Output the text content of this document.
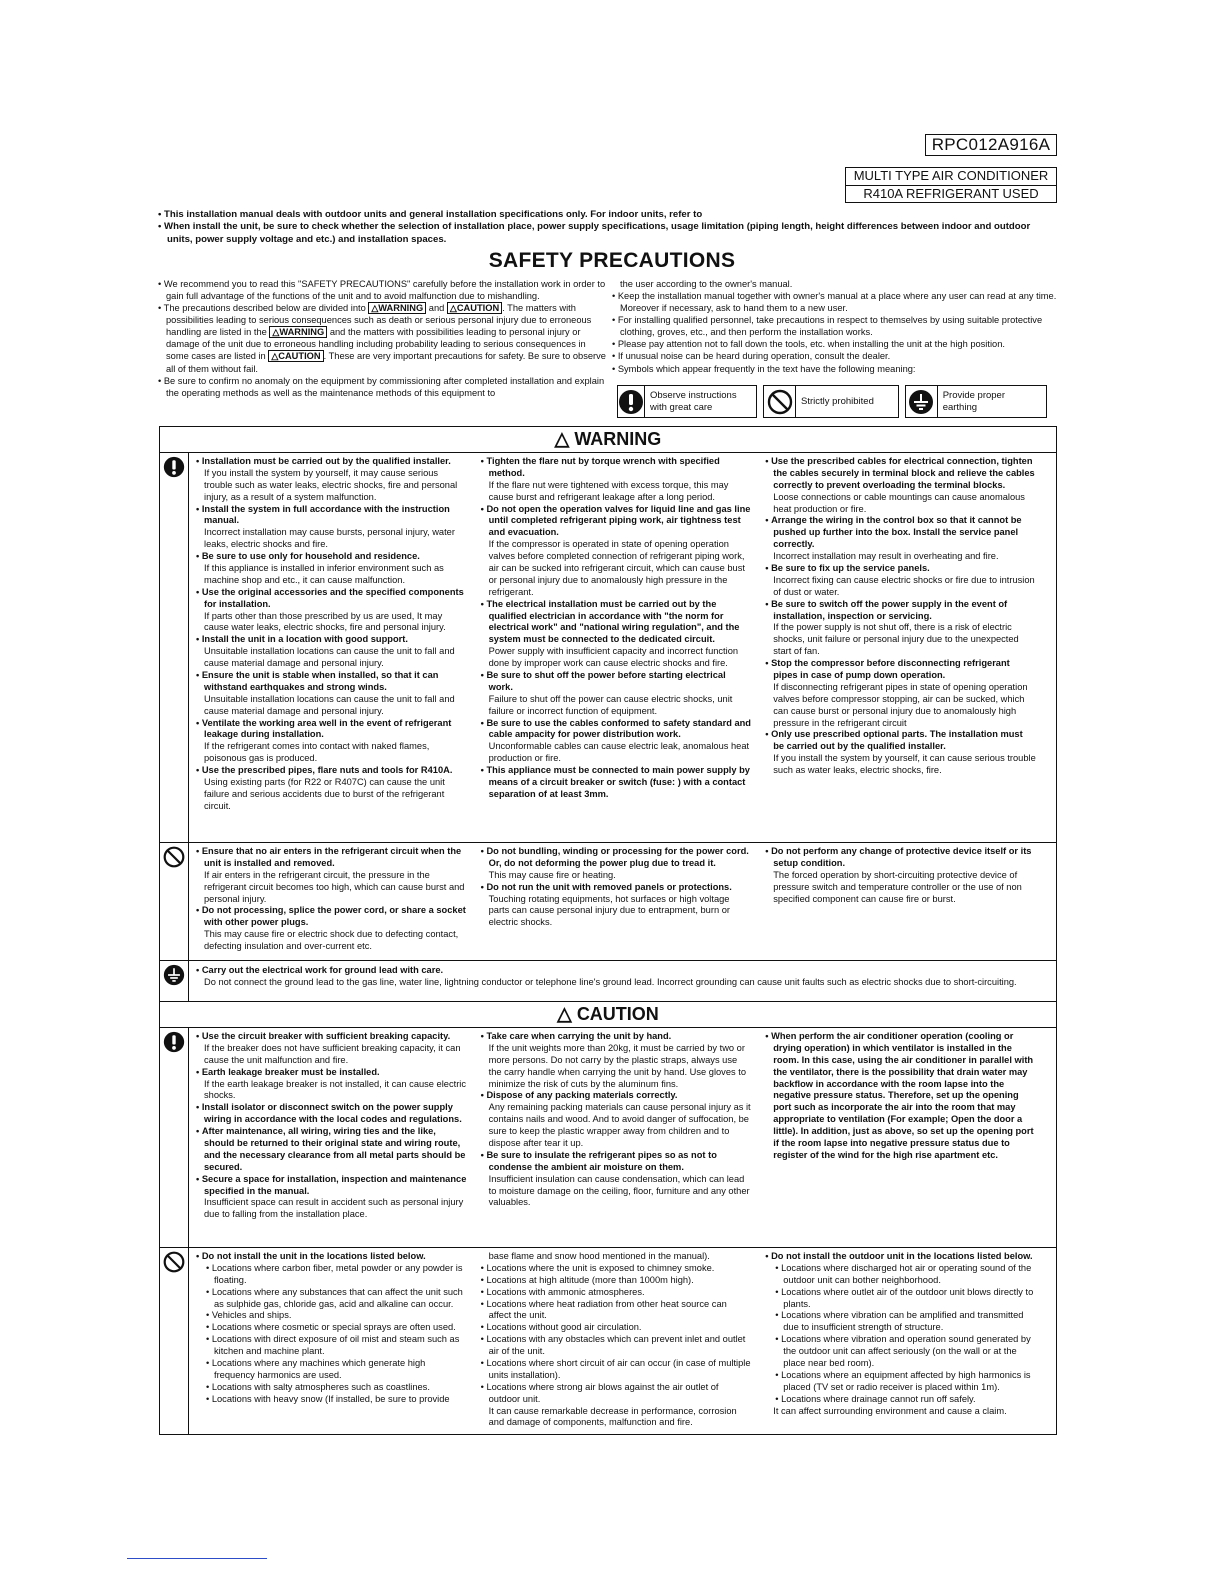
RPC012A916A
MULTI TYPE AIR CONDITIONER
R410A REFRIGERANT USED

• This installation manual deals with outdoor units and general installation specifications only. For indoor units, refer to

• When install the unit, be sure to check whether the selection of installation place, power supply specifications, usage limitation (piping length, height differences between indoor and outdoor units, power supply voltage and etc.) and installation spaces.

SAFETY PRECAUTIONS

• We recommend you to read this "SAFETY PRECAUTIONS" carefully before the installation work in order to gain full advantage of the functions of the unit and to avoid malfunction due to mishandling.

• The precautions described below are divided into △WARNING and △CAUTION . The matters with possibilities leading to serious consequences such as death or serious personal injury due to erroneous handling are listed in the △WARNING and the matters with possibilities leading to personal injury or damage of the unit due to erroneous handling including probability leading to serious consequences in some cases are listed in △CAUTION . These are very important precautions for safety. Be sure to observe all of them without fail.

• Be sure to confirm no anomaly on the equipment by commissioning after completed installation and explain the operating methods as well as the maintenance methods of this equipment to

the user according to the owner's manual.

• Keep the installation manual together with owner's manual at a place where any user can read at any time. Moreover if necessary, ask to hand them to a new user.

• For installing qualified personnel, take precautions in respect to themselves by using suitable protective clothing, groves, etc., and then perform the installation works.

• Please pay attention not to fall down the tools, etc. when installing the unit at the high position.

• If unusual noise can be heard during operation, consult the dealer.

• Symbols which appear frequently in the text have the following meaning:

Observe instructions with great care
Strictly prohibited
Provide proper earthing
△ WARNING
• Installation must be carried out by the qualified installer.
If you install the system by yourself, it may cause serious trouble such as water leaks, electric shocks, fire and personal injury, as a result of a system malfunction.
• Install the system in full accordance with the instruction manual.
Incorrect installation may cause bursts, personal injury, water leaks, electric shocks and fire.
• Be sure to use only for household and residence.
If this appliance is installed in inferior environment such as machine shop and etc., it can cause malfunction.
• Use the original accessories and the specified components for installation.
If parts other than those prescribed by us are used, It may cause water leaks, electric shocks, fire and personal injury.
• Install the unit in a location with good support.
Unsuitable installation locations can cause the unit to fall and cause material damage and personal injury.
• Ensure the unit is stable when installed, so that it can withstand earthquakes and strong winds.
Unsuitable installation locations can cause the unit to fall and cause material damage and personal injury.
• Ventilate the working area well in the event of refrigerant leakage during installation.
If the refrigerant comes into contact with naked flames, poisonous gas is produced.
• Use the prescribed pipes, flare nuts and tools for R410A.
Using existing parts (for R22 or R407C) can cause the unit failure and serious accidents due to burst of the refrigerant circuit.
• Tighten the flare nut by torque wrench with specified method.
If the flare nut were tightened with excess torque, this may cause burst and refrigerant leakage after a long period.
• Do not open the operation valves for liquid line and gas line until completed refrigerant piping work, air tightness test and evacuation.
If the compressor is operated in state of opening operation valves before completed connection of refrigerant piping work, air can be sucked into refrigerant circuit, which can cause bust or personal injury due to anomalously high pressure in the refrigerant.
• The electrical installation must be carried out by the qualified electrician in accordance with "the norm for electrical work" and "national wiring regulation", and the system must be connected to the dedicated circuit.
Power supply with insufficient capacity and incorrect function done by improper work can cause electric shocks and fire.
• Be sure to shut off the power before starting electrical work.
Failure to shut off the power can cause electric shocks, unit failure or incorrect function of equipment.
• Be sure to use the cables conformed to safety standard and cable ampacity for power distribution work.
Unconformable cables can cause electric leak, anomalous heat production or fire.
• This appliance must be connected to main power supply by means of a circuit breaker or switch (fuse: ) with a contact separation of at least 3mm.
• Use the prescribed cables for electrical connection, tighten the cables securely in terminal block and relieve the cables correctly to prevent overloading the terminal blocks.
Loose connections or cable mountings can cause anomalous heat production or fire.
• Arrange the wiring in the control box so that it cannot be pushed up further into the box. Install the service panel correctly.
Incorrect installation may result in overheating and fire.
• Be sure to fix up the service panels.
Incorrect fixing can cause electric shocks or fire due to intrusion of dust or water.
• Be sure to switch off the power supply in the event of installation, inspection or servicing.
If the power supply is not shut off, there is a risk of electric shocks, unit failure or personal injury due to the unexpected start of fan.
• Stop the compressor before disconnecting refrigerant pipes in case of pump down operation.
If disconnecting refrigerant pipes in state of opening operation valves before compressor stopping, air can be sucked, which can cause burst or personal injury due to anomalously high pressure in the refrigerant circuit
• Only use prescribed optional parts. The installation must be carried out by the qualified installer.
If you install the system by yourself, it can cause serious trouble such as water leaks, electric shocks, fire.
• Ensure that no air enters in the refrigerant circuit when the unit is installed and removed.
If air enters in the refrigerant circuit, the pressure in the refrigerant circuit becomes too high, which can cause burst and personal injury.
• Do not processing, splice the power cord, or share a socket with other power plugs.
This may cause fire or electric shock due to defecting contact, defecting insulation and over-current etc.
• Do not bundling, winding or processing for the power cord. Or, do not deforming the power plug due to tread it.
This may cause fire or heating.
• Do not run the unit with removed panels or protections.
Touching rotating equipments, hot surfaces or high voltage parts can cause personal injury due to entrapment, burn or electric shocks.
• Do not perform any change of protective device itself or its setup condition.
The forced operation by short-circuiting protective device of pressure switch and temperature controller or the use of non specified component can cause fire or burst.
• Carry out the electrical work for ground lead with care.
Do not connect the ground lead to the gas line, water line, lightning conductor or telephone line's ground lead. Incorrect grounding can cause unit faults such as electric shocks due to short-circuiting.
△ CAUTION
• Use the circuit breaker with sufficient breaking capacity.
If the breaker does not have sufficient breaking capacity, it can cause the unit malfunction and fire.
• Earth leakage breaker must be installed.
If the earth leakage breaker is not installed, it can cause electric shocks.
• Install isolator or disconnect switch on the power supply wiring in accordance with the local codes and regulations.
• After maintenance, all wiring, wiring ties and the like, should be returned to their original state and wiring route, and the necessary clearance from all metal parts should be secured.
• Secure a space for installation, inspection and maintenance specified in the manual.
Insufficient space can result in accident such as personal injury due to falling from the installation place.
• Take care when carrying the unit by hand.
If the unit weights more than 20kg, it must be carried by two or more persons. Do not carry by the plastic straps, always use the carry handle when carrying the unit by hand. Use gloves to minimize the risk of cuts by the aluminum fins.
• Dispose of any packing materials correctly.
Any remaining packing materials can cause personal injury as it contains nails and wood. And to avoid danger of suffocation, be sure to keep the plastic wrapper away from children and to dispose after tear it up.
• Be sure to insulate the refrigerant pipes so as not to condense the ambient air moisture on them.
Insufficient insulation can cause condensation, which can lead to moisture damage on the ceiling, floor, furniture and any other valuables.
• When perform the air conditioner operation (cooling or drying operation) in which ventilator is installed in the room. In this case, using the air conditioner in parallel with the ventilator, there is the possibility that drain water may backflow in accordance with the room lapse into the negative pressure status. Therefore, set up the opening port such as incorporate the air into the room that may appropriate to ventilation (For example; Open the door a little). In addition, just as above, so set up the opening port if the room lapse into negative pressure status due to register of the wind for the high rise apartment etc.
• Do not install the unit in the locations listed below.
• Locations where carbon fiber, metal powder or any powder is floating.
• Locations where any substances that can affect the unit such as sulphide gas, chloride gas, acid and alkaline can occur.
• Vehicles and ships.
• Locations where cosmetic or special sprays are often used.
• Locations with direct exposure of oil mist and steam such as kitchen and machine plant.
• Locations where any machines which generate high frequency harmonics are used.
• Locations with salty atmospheres such as coastlines.
• Locations with heavy snow (If installed, be sure to provide
base flame and snow hood mentioned in the manual).
• Locations where the unit is exposed to chimney smoke.
• Locations at high altitude (more than 1000m high).
• Locations with ammonic atmospheres.
• Locations where heat radiation from other heat source can affect the unit.
• Locations without good air circulation.
• Locations with any obstacles which can prevent inlet and outlet air of the unit.
• Locations where short circuit of air can occur (in case of multiple units installation).
• Locations where strong air blows against the air outlet of outdoor unit.
It can cause remarkable decrease in performance, corrosion and damage of components, malfunction and fire.
• Do not install the outdoor unit in the locations listed below.
• Locations where discharged hot air or operating sound of the outdoor unit can bother neighborhood.
• Locations where outlet air of the outdoor unit blows directly to plants.
• Locations where vibration can be amplified and transmitted due to insufficient strength of structure.
• Locations where vibration and operation sound generated by the outdoor unit can affect seriously (on the wall or at the place near bed room).
• Locations where an equipment affected by high harmonics is placed (TV set or radio receiver is placed within 1m).
• Locations where drainage cannot run off safely.
It can affect surrounding environment and cause a claim.
